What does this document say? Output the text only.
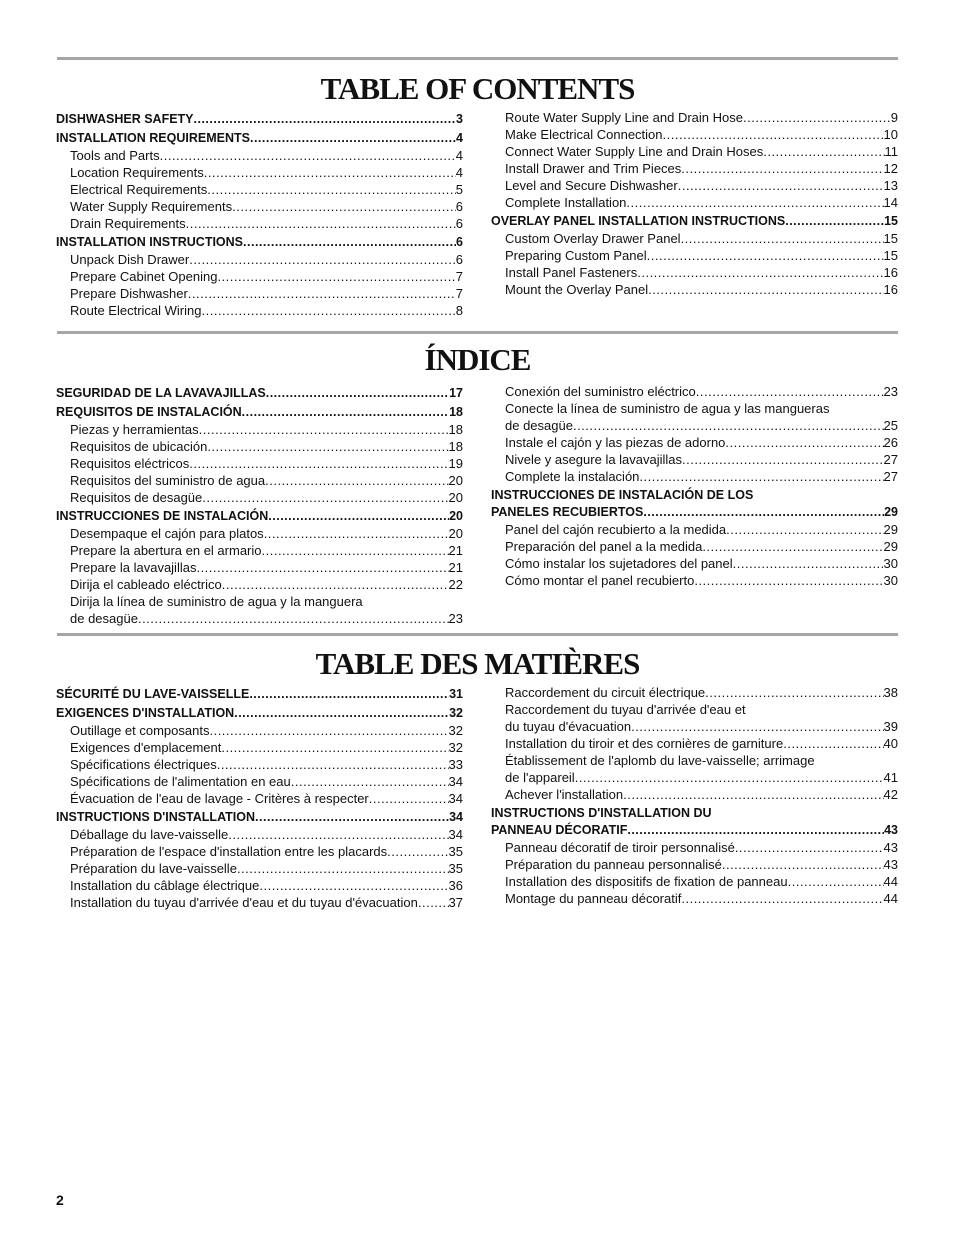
TABLE OF CONTENTS
DISHWASHER SAFETY .....	3
INSTALLATION REQUIREMENTS .....	4
Tools and Parts .....	4
Location Requirements .....	4
Electrical Requirements .....	5
Water Supply Requirements .....	6
Drain Requirements .....	6
INSTALLATION INSTRUCTIONS .....	6
Unpack Dish Drawer .....	6
Prepare Cabinet Opening .....	7
Prepare Dishwasher .....	7
Route Electrical Wiring .....	8
Route Water Supply Line and Drain Hose .....	9
Make Electrical Connection .....	10
Connect Water Supply Line and Drain Hoses .....	11
Install Drawer and Trim Pieces .....	12
Level and Secure Dishwasher .....	13
Complete Installation .....	14
OVERLAY PANEL INSTALLATION INSTRUCTIONS .....	15
Custom Overlay Drawer Panel .....	15
Preparing Custom Panel .....	15
Install Panel Fasteners .....	16
Mount the Overlay Panel .....	16
ÍNDICE
SEGURIDAD DE LA LAVAVAJILLAS .....	17
REQUISITOS DE INSTALACIÓN .....	18
Piezas y herramientas .....	18
Requisitos de ubicación .....	18
Requisitos eléctricos .....	19
Requisitos del suministro de agua .....	20
Requisitos de desagüe .....	20
INSTRUCCIONES DE INSTALACIÓN .....	20
Desempaque el cajón para platos .....	20
Prepare la abertura en el armario .....	21
Prepare la lavavajillas .....	21
Dirija el cableado eléctrico .....	22
Dirija la línea de suministro de agua y la manguera
de desagüe .....	23
Conexión del suministro eléctrico .....	23
Conecte la línea de suministro de agua y las mangueras
de desagüe .....	25
Instale el cajón y las piezas de adorno .....	26
Nivele y asegure la lavavajillas .....	27
Complete la instalación .....	27
INSTRUCCIONES DE INSTALACIÓN DE LOS
PANELES RECUBIERTOS .....	29
Panel del cajón recubierto a la medida .....	29
Preparación del panel a la medida .....	29
Cómo instalar los sujetadores del panel .....	30
Cómo montar el panel recubierto .....	30
TABLE DES MATIÈRES
SÉCURITÉ DU LAVE-VAISSELLE .....	31
EXIGENCES D'INSTALLATION .....	32
Outillage et composants .....	32
Exigences d'emplacement .....	32
Spécifications électriques .....	33
Spécifications de l'alimentation en eau .....	34
Évacuation de l'eau de lavage - Critères à respecter .....	34
INSTRUCTIONS D'INSTALLATION .....	34
Déballage du lave-vaisselle .....	34
Préparation de l'espace d'installation entre les placards .....	35
Préparation du lave-vaisselle .....	35
Installation du câblage électrique .....	36
Installation du tuyau d'arrivée d'eau et du tuyau d'évacuation ..... 37
Raccordement du circuit électrique .....	38
Raccordement du tuyau d'arrivée d'eau et
du tuyau d'évacuation .....	39
Installation du tiroir et des cornières de garniture .....	40
Établissement de l'aplomb du lave-vaisselle; arrimage
de l'appareil .....	41
Achever l'installation .....	42
INSTRUCTIONS D'INSTALLATION DU
PANNEAU DÉCORATIF .....	43
Panneau décoratif de tiroir personnalisé .....	43
Préparation du panneau personnalisé .....	43
Installation des dispositifs de fixation de panneau .....	44
Montage du panneau décoratif .....	44

2
